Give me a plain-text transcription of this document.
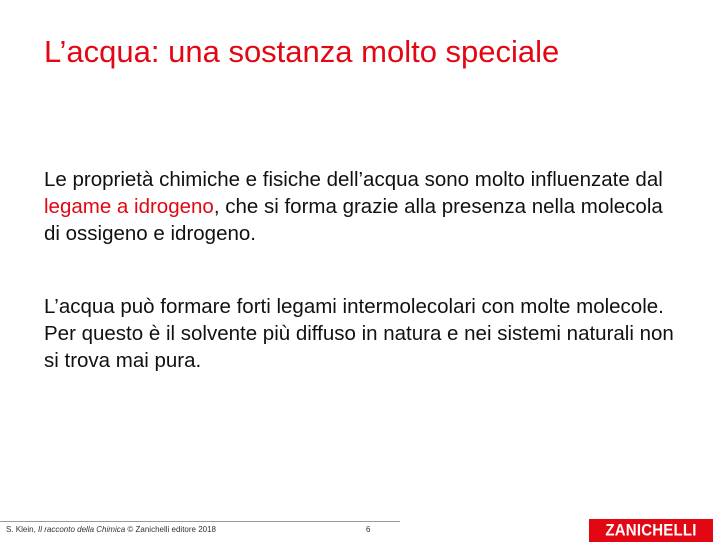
L’acqua: una sostanza molto speciale

Le proprietà chimiche e fisiche dell’acqua sono molto influenzate dal legame a idrogeno, che si forma grazie alla presenza nella molecola di ossigeno e idrogeno.

L’acqua può formare forti legami intermolecolari con molte molecole. Per questo è il solvente più diffuso in natura e nei sistemi naturali non si trova mai pura.

S. Klein, Il racconto della Chimica © Zanichelli editore 2018	6	ZANICHELLI
